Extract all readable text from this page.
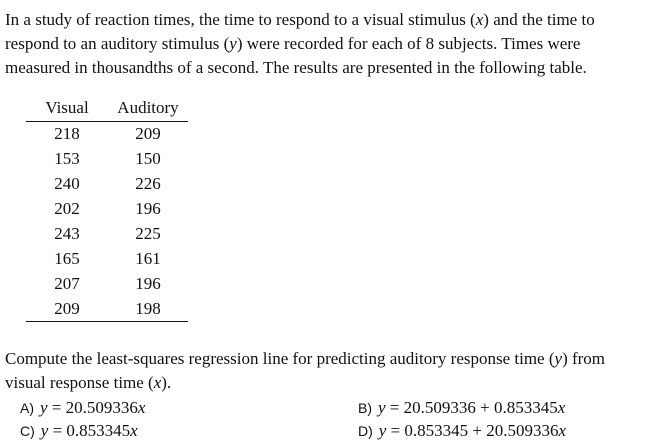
In a study of reaction times, the time to respond to a visual stimulus (x) and the time to
respond to an auditory stimulus (y) were recorded for each of 8 subjects. Times were
measured in thousandths of a second. The results are presented in the following table.
Visual	Auditory
218	209
153	150
240	226
202	196
243	225
165	161
207	196
209	198
Compute the least-squares regression line for predicting auditory response time (y) from
visual response time (x).
A) y = 20.509336x	B) y = 20.509336 + 0.853345x
C) y = 0.853345x	D) y = 0.853345 + 20.509336x
